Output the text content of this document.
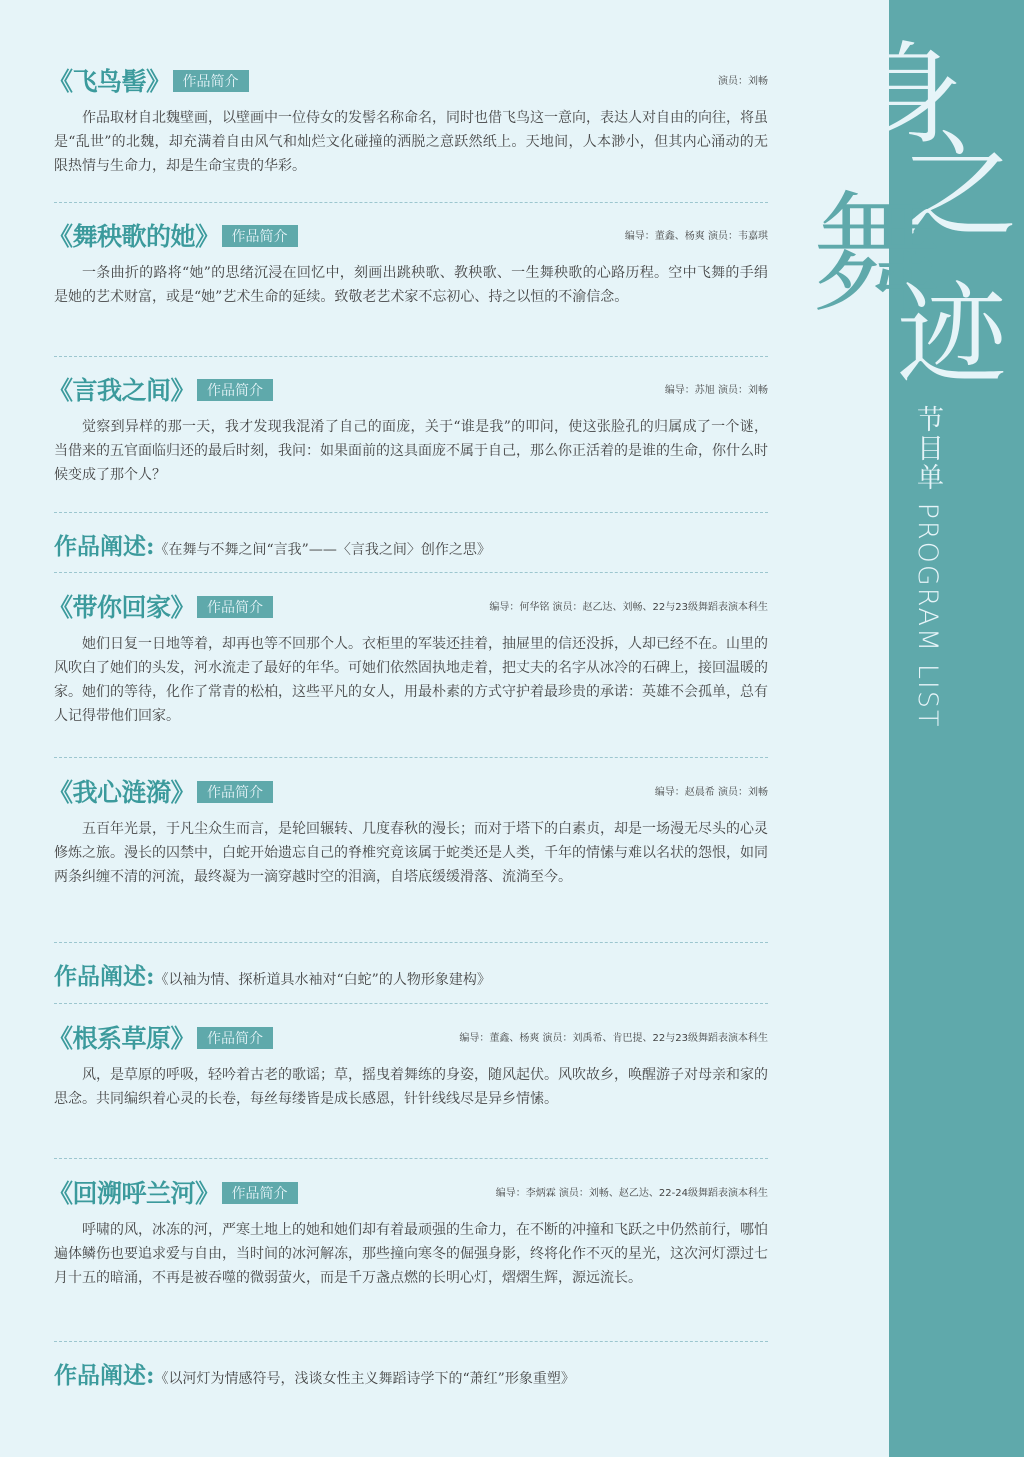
身
之
舞
迹
节目单 PROGRAM LIST
《飞鸟髻》 作品简介	演员：刘畅

作品取材自北魏壁画，以壁画中一位侍女的发髻名称命名，同时也借飞鸟这一意向，表达人对自由的向往，将虽是“乱世”的北魏，却充满着自由风气和灿烂文化碰撞的洒脱之意跃然纸上。天地间，人本渺小，但其内心涌动的无限热情与生命力，却是生命宝贵的华彩。

《舞秧歌的她》 作品简介	编导：董鑫、杨爽 演员：韦嘉琪

一条曲折的路将“她”的思绪沉浸在回忆中，刻画出跳秧歌、教秧歌、一生舞秧歌的心路历程。空中飞舞的手绢是她的艺术财富，或是“她”艺术生命的延续。致敬老艺术家不忘初心、持之以恒的不渝信念。

《言我之间》 作品简介	编导：苏旭 演员：刘畅

觉察到异样的那一天，我才发现我混淆了自己的面庞，关于“谁是我”的叩问，使这张脸孔的归属成了一个谜，当借来的五官面临归还的最后时刻，我问：如果面前的这具面庞不属于自己，那么你正活着的是谁的生命，你什么时候变成了那个人？

作品阐述:《在舞与不舞之间“言我”——〈言我之间〉创作之思》
《带你回家》 作品简介	编导：何华铭 演员：赵乙达、刘畅、22与23级舞蹈表演本科生

她们日复一日地等着，却再也等不回那个人。衣柜里的军装还挂着，抽屉里的信还没拆，人却已经不在。山里的风吹白了她们的头发，河水流走了最好的年华。可她们依然固执地走着，把丈夫的名字从冰冷的石碑上，接回温暖的家。她们的等待，化作了常青的松柏，这些平凡的女人，用最朴素的方式守护着最珍贵的承诺：英雄不会孤单，总有人记得带他们回家。

《我心涟漪》 作品简介	编导：赵晨希 演员：刘畅

五百年光景，于凡尘众生而言，是轮回辗转、几度春秋的漫长；而对于塔下的白素贞，却是一场漫无尽头的心灵修炼之旅。漫长的囚禁中，白蛇开始遗忘自己的脊椎究竟该属于蛇类还是人类，千年的情愫与难以名状的怨恨，如同两条纠缠不清的河流，最终凝为一滴穿越时空的泪滴，自塔底缓缓滑落、流淌至今。

作品阐述:《以袖为情、探析道具水袖对“白蛇”的人物形象建构》
《根系草原》 作品简介	编导：董鑫、杨爽 演员：刘禹希、肯巴提、22与23级舞蹈表演本科生

风，是草原的呼吸，轻吟着古老的歌谣；草，摇曳着舞练的身姿，随风起伏。风吹故乡，唤醒游子对母亲和家的思念。共同编织着心灵的长卷，每丝每缕皆是成长感恩，针针线线尽是异乡情愫。

《回溯呼兰河》 作品简介	编导：李炳霖 演员：刘畅、赵乙达、22-24级舞蹈表演本科生

呼啸的风，冰冻的河，严寒土地上的她和她们却有着最顽强的生命力，在不断的冲撞和飞跃之中仍然前行，哪怕遍体鳞伤也要追求爱与自由，当时间的冰河解冻，那些撞向寒冬的倔强身影，终将化作不灭的星光，这次河灯漂过七月十五的暗涌，不再是被吞噬的微弱萤火，而是千万盏点燃的长明心灯，熠熠生辉，源远流长。

作品阐述:《以河灯为情感符号，浅谈女性主义舞蹈诗学下的“萧红”形象重塑》
